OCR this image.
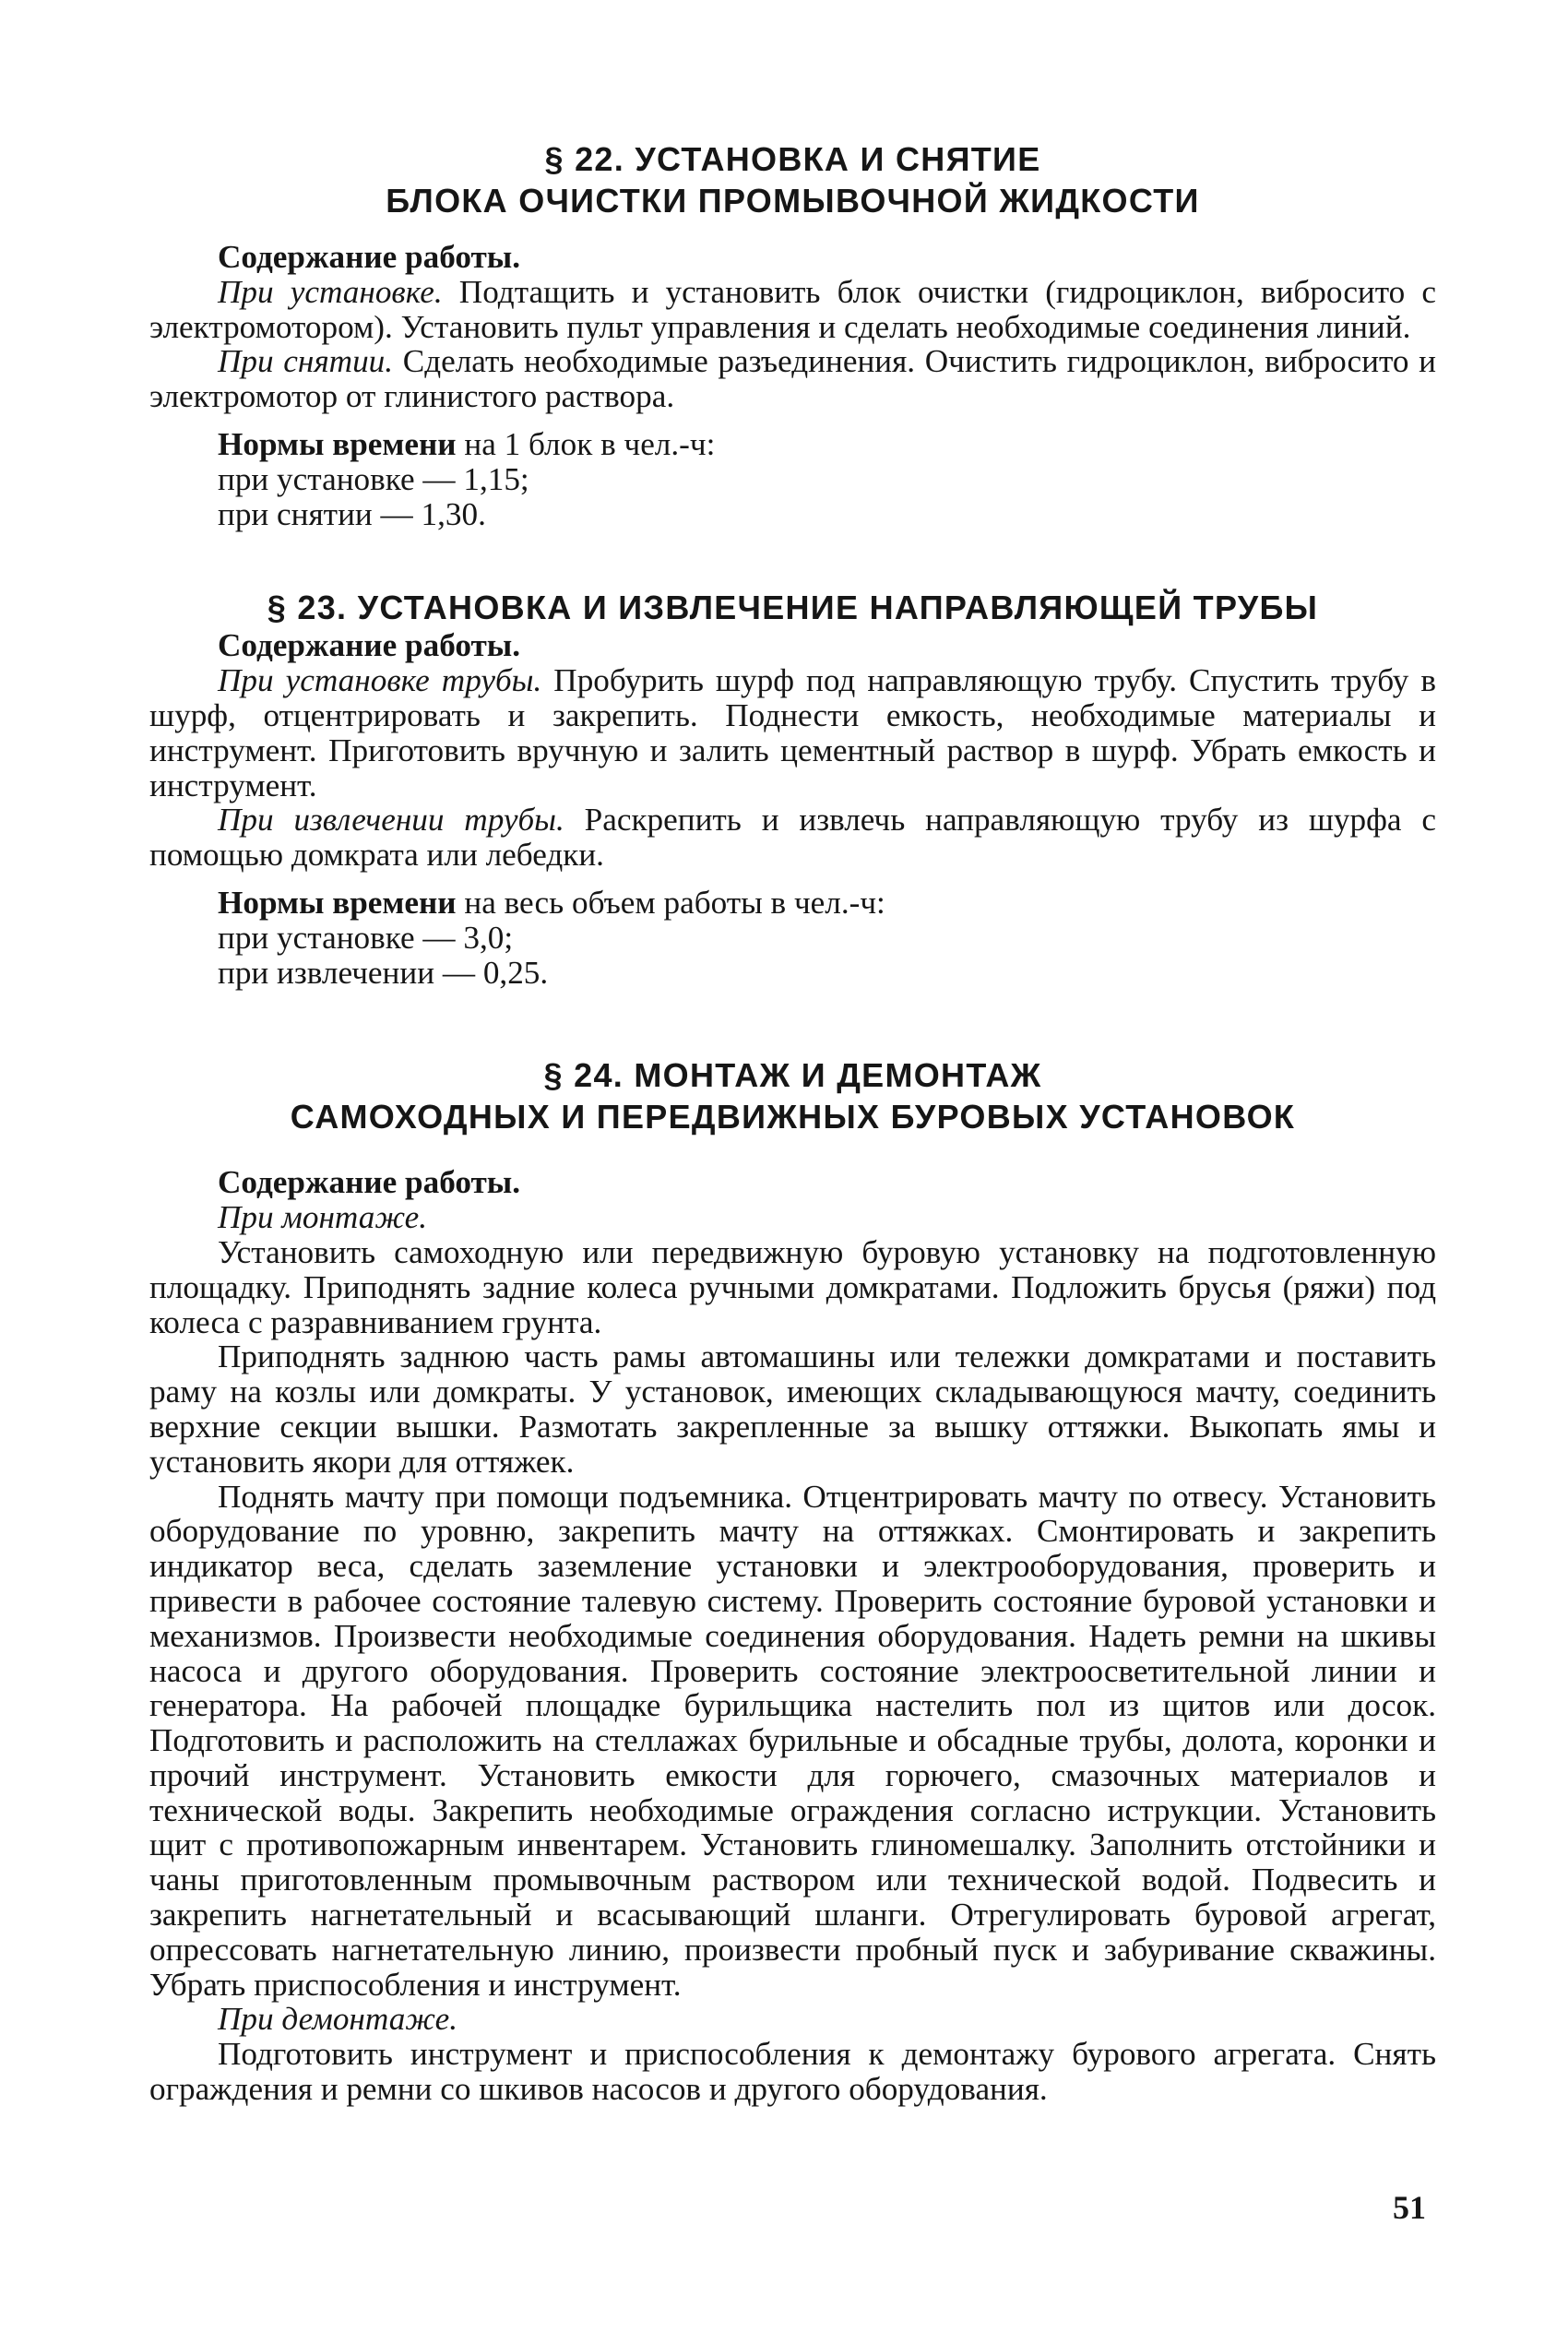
§ 22. УСТАНОВКА И СНЯТИЕ
БЛОКА ОЧИСТКИ ПРОМЫВОЧНОЙ ЖИДКОСТИ

Содержание работы.

При установке. Подтащить и установить блок очистки (гидроциклон, вибросито с электромотором). Установить пульт управления и сделать необходимые соединения линий.

При снятии. Сделать необходимые разъединения. Очистить гидроциклон, вибросито и электромотор от глинистого раствора.

Нормы времени на 1 блок в чел.-ч:

при установке — 1,15;

при снятии — 1,30.

§ 23. УСТАНОВКА И ИЗВЛЕЧЕНИЕ НАПРАВЛЯЮЩЕЙ ТРУБЫ

Содержание работы.

При установке трубы. Пробурить шурф под направляющую трубу. Спустить трубу в шурф, отцентрировать и закрепить. Поднести емкость, необходимые материалы и инструмент. Приготовить вручную и залить цементный раствор в шурф. Убрать емкость и инструмент.

При извлечении трубы. Раскрепить и извлечь направляющую трубу из шурфа с помощью домкрата или лебедки.

Нормы времени на весь объем работы в чел.-ч:

при установке — 3,0;

при извлечении — 0,25.

§ 24. МОНТАЖ И ДЕМОНТАЖ
САМОХОДНЫХ И ПЕРЕДВИЖНЫХ БУРОВЫХ УСТАНОВОК

Содержание работы.

При монтаже.

Установить самоходную или передвижную буровую установку на подготовленную площадку. Приподнять задние колеса ручными домкратами. Подложить брусья (ряжи) под колеса с разравниванием грунта.

Приподнять заднюю часть рамы автомашины или тележки домкратами и поставить раму на козлы или домкраты. У установок, имеющих складывающуюся мачту, соединить верхние секции вышки. Размотать закрепленные за вышку оттяжки. Выкопать ямы и установить якори для оттяжек.

Поднять мачту при помощи подъемника. Отцентрировать мачту по отвесу. Установить оборудование по уровню, закрепить мачту на оттяжках. Смонтировать и закрепить индикатор веса, сделать заземление установки и электрооборудования, проверить и привести в рабочее состояние талевую систему. Проверить состояние буровой установки и механизмов. Произвести необходимые соединения оборудования. Надеть ремни на шкивы насоса и другого оборудования. Проверить состояние электроосветительной линии и генератора. На рабочей площадке бурильщика настелить пол из щитов или досок. Подготовить и расположить на стеллажах бурильные и обсадные трубы, долота, коронки и прочий инструмент. Установить емкости для горючего, смазочных материалов и технической воды. Закрепить необходимые ограждения согласно иструкции. Установить щит с противопожарным инвентарем. Установить глиномешалку. Заполнить отстойники и чаны приготовленным промывочным раствором или технической водой. Подвесить и закрепить нагнетательный и всасывающий шланги. Отрегулировать буровой агрегат, опрессовать нагнетательную линию, произвести пробный пуск и забуривание скважины. Убрать приспособления и инструмент.

При демонтаже.

Подготовить инструмент и приспособления к демонтажу бурового агрегата. Снять ограждения и ремни со шкивов насосов и другого оборудования.

51
